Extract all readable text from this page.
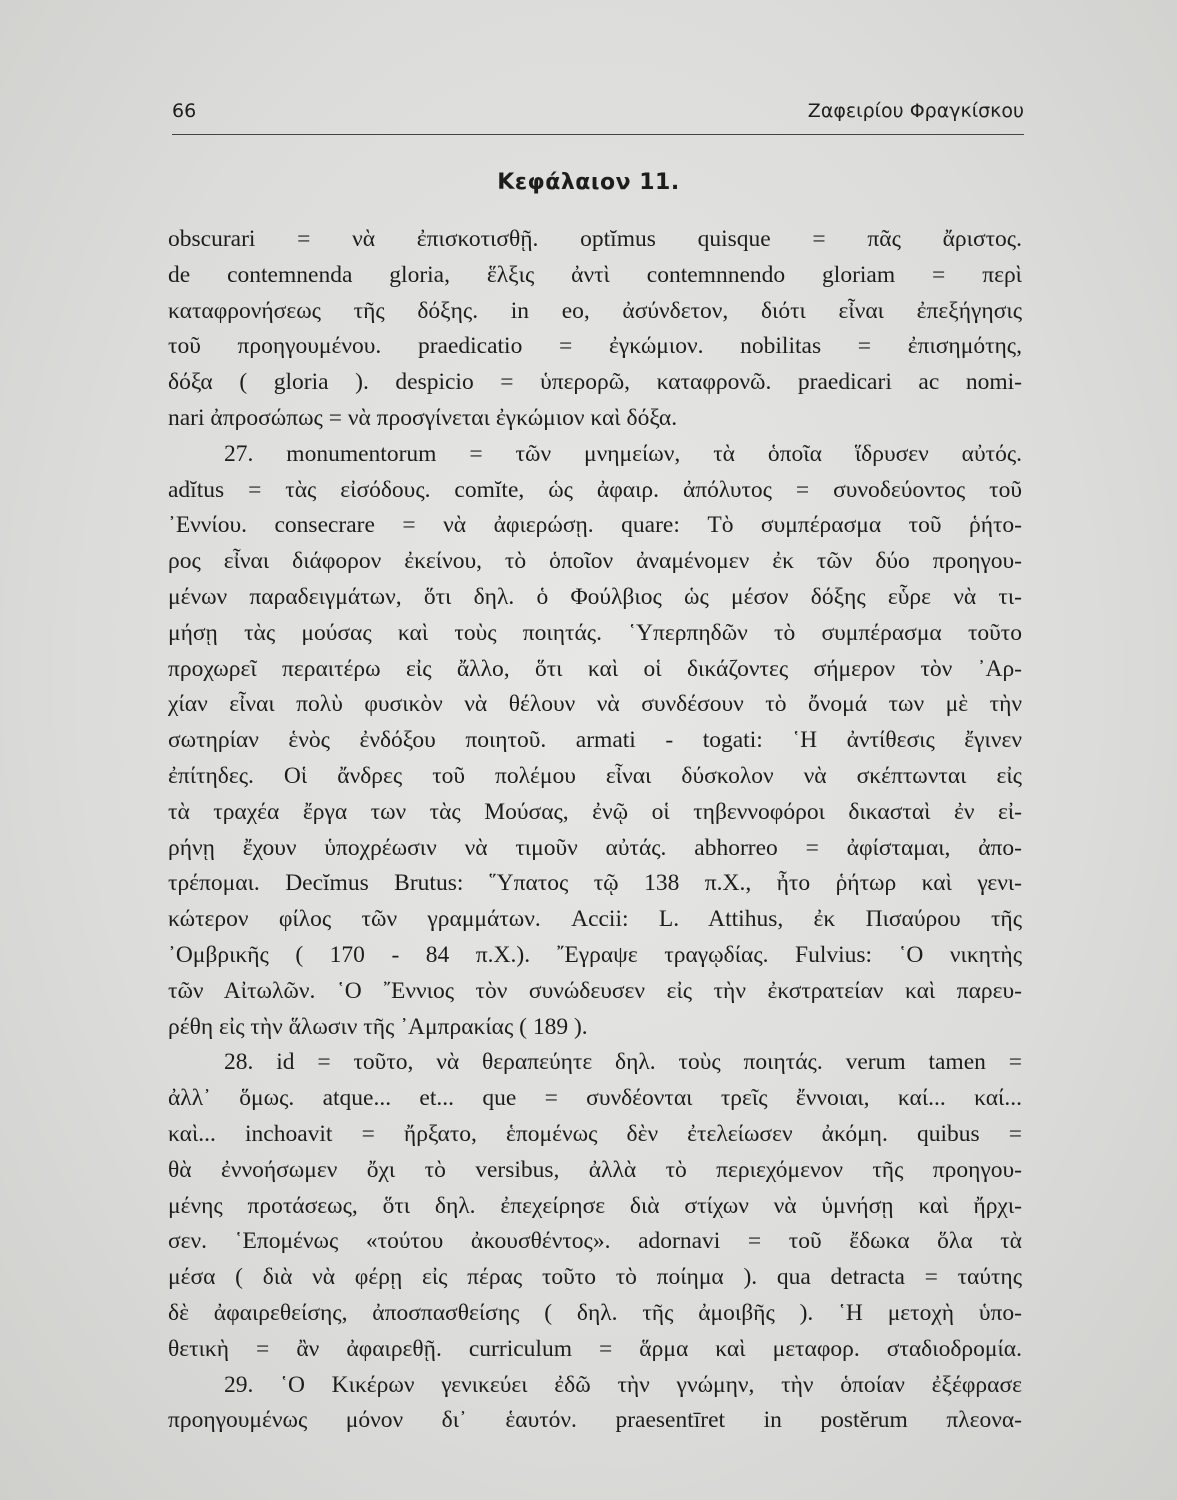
66	Ζαφειρίου Φραγκίσκου
Κεφάλαιον 11.
obscurari = νὰ ἐπισκοτισθῇ. optĭmus quisque = πᾶς ἄριστος.
de contemnenda gloria, ἕλξις ἀντὶ contemnnendo gloriam = περὶ
καταφρονήσεως τῆς δόξης. in eo, ἀσύνδετον, διότι εἶναι ἐπεξήγησις
τοῦ προηγουμένου. praedicatio = ἐγκώμιον. nobilitas = ἐπισημότης,
δόξα ( gloria ). despicio = ὑπερορῶ, καταφρονῶ. praedicari ac nomi-
nari ἀπροσώπως = νὰ προσγίνεται ἐγκώμιον καὶ δόξα.
27. monumentorum = τῶν μνημείων, τὰ ὁποῖα ἵδρυσεν αὐτός.
adĭtus = τὰς εἰσόδους. comĭte, ὡς ἀφαιρ. ἀπόλυτος = συνοδεύοντος τοῦ
᾿Εννίου. consecrare = νὰ ἀφιερώσῃ. quare: Τὸ συμπέρασμα τοῦ ῥήτο-
ρος εἶναι διάφορον ἐκείνου, τὸ ὁποῖον ἀναμένομεν ἐκ τῶν δύο προηγου-
μένων παραδειγμάτων, ὅτι δηλ. ὁ Φούλβιος ὡς μέσον δόξης εὗρε νὰ τι-
μήσῃ τὰς μούσας καὶ τοὺς ποιητάς. ῾Υπερπηδῶν τὸ συμπέρασμα τοῦτο
προχωρεῖ περαιτέρω εἰς ἄλλο, ὅτι καὶ οἱ δικάζοντες σήμερον τὸν ᾿Αρ-
χίαν εἶναι πολὺ φυσικὸν νὰ θέλουν νὰ συνδέσουν τὸ ὄνομά των μὲ τὴν
σωτηρίαν ἑνὸς ἐνδόξου ποιητοῦ. armati - togati: ῾Η ἀντίθεσις ἔγινεν
ἐπίτηδες. Οἱ ἄνδρες τοῦ πολέμου εἶναι δύσκολον νὰ σκέπτωνται εἰς
τὰ τραχέα ἔργα των τὰς Μούσας, ἐνῷ οἱ τηβεννοφόροι δικασταὶ ἐν εἰ-
ρήνῃ ἔχουν ὑποχρέωσιν νὰ τιμοῦν αὐτάς. abhorreo = ἀφίσταμαι, ἀπο-
τρέπομαι. Decĭmus Brutus: ῞Υπατος τῷ 138 π.Χ., ἦτο ῥήτωρ καὶ γενι-
κώτερον φίλος τῶν γραμμάτων. Accii: L. Attihus, ἐκ Πισαύρου τῆς
᾿Ομβρικῆς ( 170 - 84 π.Χ.). ῎Εγραψε τραγῳδίας. Fulvius: ῾Ο νικητὴς
τῶν Αἰτωλῶν. ῾Ο ῎Εννιος τὸν συνώδευσεν εἰς τὴν ἐκστρατείαν καὶ παρευ-
ρέθη εἰς τὴν ἅλωσιν τῆς ᾿Αμπρακίας ( 189 ).
28. id = τοῦτο, νὰ θεραπεύητε δηλ. τοὺς ποιητάς. verum tamen =
ἀλλ᾿ ὅμως. atque... et... que = συνδέονται τρεῖς ἔννοιαι, καί... καί...
καὶ... inchoavit = ἤρξατο, ἑπομένως δὲν ἐτελείωσεν ἀκόμη. quibus =
θὰ ἐννοήσωμεν ὄχι τὸ versibus, ἀλλὰ τὸ περιεχόμενον τῆς προηγου-
μένης προτάσεως, ὅτι δηλ. ἐπεχείρησε διὰ στίχων νὰ ὑμνήσῃ καὶ ἤρχι-
σεν. ῾Επομένως «τούτου ἀκουσθέντος». adornavi = τοῦ ἔδωκα ὅλα τὰ
μέσα ( διὰ νὰ φέρῃ εἰς πέρας τοῦτο τὸ ποίημα ). qua detracta = ταύτης
δὲ ἀφαιρεθείσης, ἀποσπασθείσης ( δηλ. τῆς ἀμοιβῆς ). ῾Η μετοχὴ ὑπο-
θετικὴ = ἂν ἀφαιρεθῇ. curriculum = ἅρμα καὶ μεταφορ. σταδιοδρομία.
29. ῾Ο Κικέρων γενικεύει ἐδῶ τὴν γνώμην, τὴν ὁποίαν ἐξέφρασε
προηγουμένως μόνον δι᾿ ἑαυτόν. praesentīret in postĕrum πλεονα-
